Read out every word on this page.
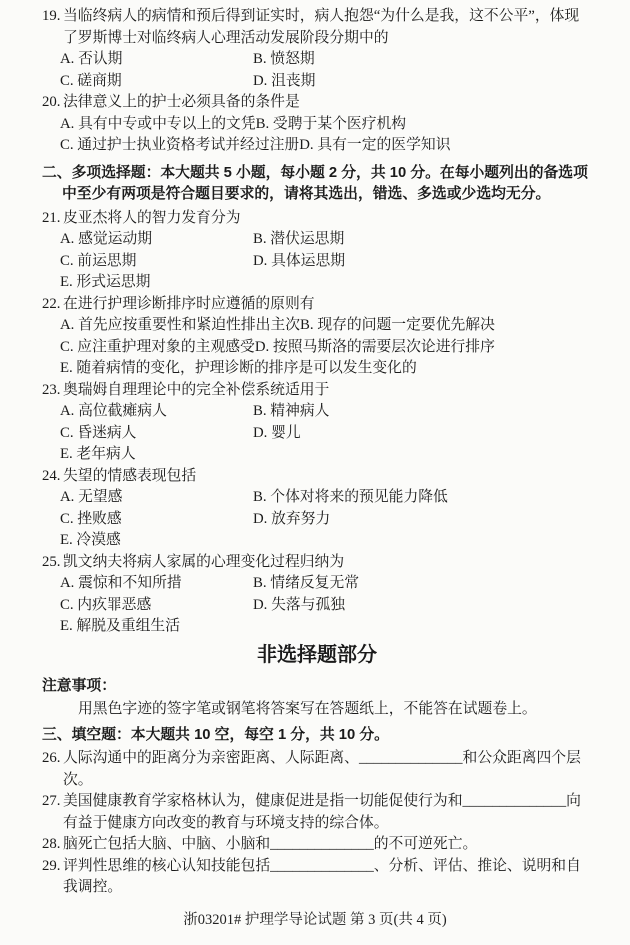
19. 当临终病人的病情和预后得到证实时，病人抱怨“为什么是我，这不公平”，体现了罗斯博士对临终病人心理活动发展阶段分期中的
A. 否认期	B. 愤怒期
C. 磋商期	D. 沮丧期
20. 法律意义上的护士必须具备的条件是
A. 具有中专或中专以上的文凭 B. 受聘于某个医疗机构
C. 通过护士执业资格考试并经过注册 D. 具有一定的医学知识
二、多项选择题：本大题共 5 小题，每小题 2 分，共 10 分。在每小题列出的备选项中至少有两项是符合题目要求的，请将其选出，错选、多选或少选均无分。
21. 皮亚杰将人的智力发育分为
A. 感觉运动期	B. 潜伏运思期
C. 前运思期	D. 具体运思期
E. 形式运思期
22. 在进行护理诊断排序时应遵循的原则有
A. 首先应按重要性和紧迫性排出主次 B. 现存的问题一定要优先解决
C. 应注重护理对象的主观感受 D. 按照马斯洛的需要层次论进行排序
E. 随着病情的变化，护理诊断的排序是可以发生变化的
23. 奥瑞姆自理理论中的完全补偿系统适用于
A. 高位截瘫病人	B. 精神病人
C. 昏迷病人	D. 婴儿
E. 老年病人
24. 失望的情感表现包括
A. 无望感	B. 个体对将来的预见能力降低
C. 挫败感	D. 放弃努力
E. 冷漠感
25. 凯文纳夫将病人家属的心理变化过程归纳为
A. 震惊和不知所措	B. 情绪反复无常
C. 内疚罪恶感	D. 失落与孤独
E. 解脱及重组生活
非选择题部分
注意事项：
用黑色字迹的签字笔或钢笔将答案写在答题纸上，不能答在试题卷上。
三、填空题：本大题共 10 空，每空 1 分，共 10 分。
26. 人际沟通中的距离分为亲密距离、人际距离、______________和公众距离四个层次。
27. 美国健康教育学家格林认为，健康促进是指一切能促使行为和______________向有益于健康方向改变的教育与环境支持的综合体。
28. 脑死亡包括大脑、中脑、小脑和______________的不可逆死亡。
29. 评判性思维的核心认知技能包括______________、分析、评估、推论、说明和自我调控。
浙03201# 护理学导论试题 第 3 页(共 4 页)
